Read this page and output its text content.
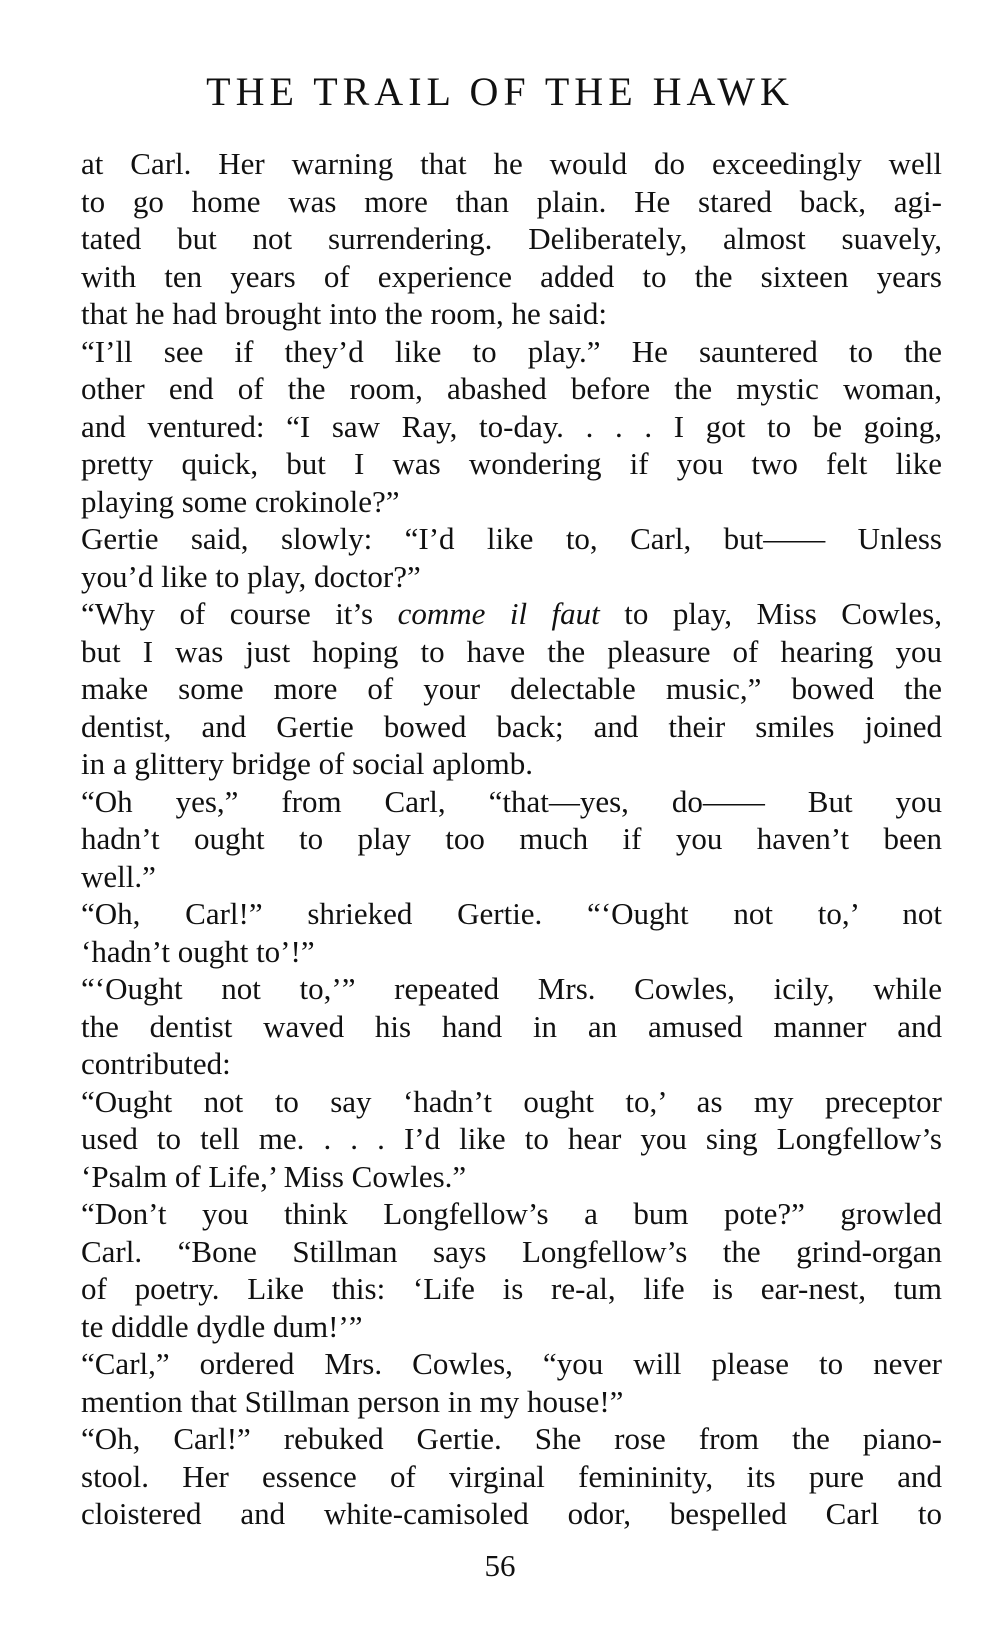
THE TRAIL OF THE HAWK
at Carl. Her warning that he would do exceedingly well
to go home was more than plain. He stared back, agi-
tated but not surrendering. Deliberately, almost suavely,
with ten years of experience added to the sixteen years
that he had brought into the room, he said:
“I’ll see if they’d like to play.” He sauntered to the
other end of the room, abashed before the mystic woman,
and ventured: “I saw Ray, to-day. . . . I got to be going,
pretty quick, but I was wondering if you two felt like
playing some crokinole?”
Gertie said, slowly: “I’d like to, Carl, but—— Unless
you’d like to play, doctor?”
“Why of course it’s comme il faut to play, Miss Cowles,
but I was just hoping to have the pleasure of hearing you
make some more of your delectable music,” bowed the
dentist, and Gertie bowed back; and their smiles joined
in a glittery bridge of social aplomb.
“Oh yes,” from Carl, “that—yes, do—— But you
hadn’t ought to play too much if you haven’t been
well.”
“Oh, Carl!” shrieked Gertie. “‘Ought not to,’ not
‘hadn’t ought to’!”
“‘Ought not to,’” repeated Mrs. Cowles, icily, while
the dentist waved his hand in an amused manner and
contributed:
“Ought not to say ‘hadn’t ought to,’ as my preceptor
used to tell me. . . . I’d like to hear you sing Longfellow’s
‘Psalm of Life,’ Miss Cowles.”
“Don’t you think Longfellow’s a bum pote?” growled
Carl. “Bone Stillman says Longfellow’s the grind-organ
of poetry. Like this: ‘Life is re-al, life is ear-nest, tum
te diddle dydle dum!’”
“Carl,” ordered Mrs. Cowles, “you will please to never
mention that Stillman person in my house!”
“Oh, Carl!” rebuked Gertie. She rose from the piano-
stool. Her essence of virginal femininity, its pure and
cloistered and white-camisoled odor, bespelled Carl to
56
